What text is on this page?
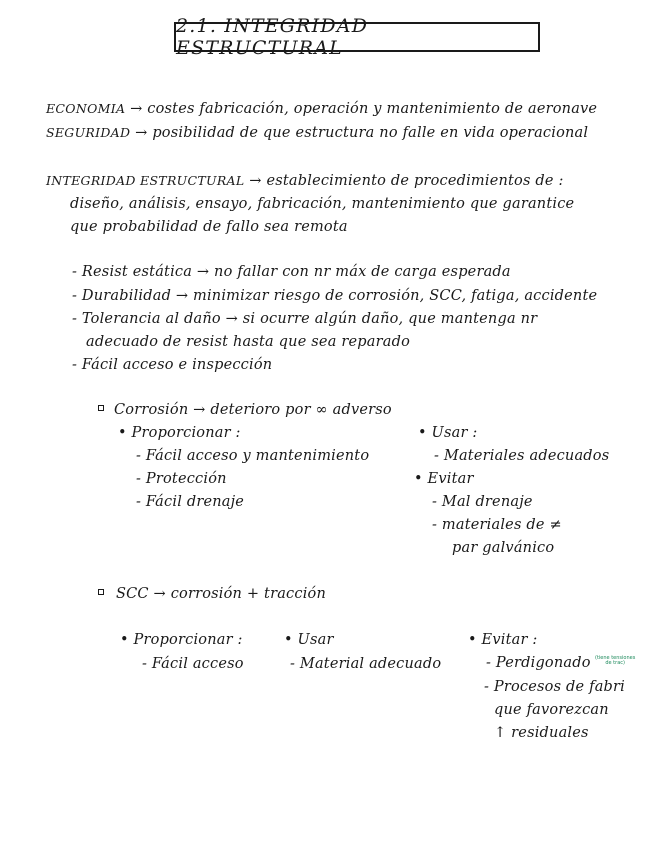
2.1. INTEGRIDAD ESTRUCTURAL
ECONOMIA → costes fabricación, operación y mantenimiento de aeronave
SEGURIDAD → posibilidad de que estructura no falle en vida operacional
INTEGRIDAD ESTRUCTURAL → establecimiento de procedimientos de :
diseño, análisis, ensayo, fabricación, mantenimiento que garantice
que probabilidad de fallo sea remota
- Resist estática → no fallar con nr máx de carga esperada
- Durabilidad → minimizar riesgo de corrosión, SCC, fatiga, accidente
- Tolerancia al daño → si ocurre algún daño, que mantenga nr
adecuado de resist hasta que sea reparado
- Fácil acceso e inspección
Corrosión → deterioro por ∞ adverso
• Proporcionar :
- Fácil acceso y mantenimiento
- Protección
- Fácil drenaje
• Usar :
- Materiales adecuados
• Evitar
- Mal drenaje
- materiales de ≠
par galvánico
SCC → corrosión + tracción
• Proporcionar :
- Fácil acceso
• Usar
- Material adecuado
• Evitar :
- Perdigonado (tiene tensiones
de trac)
- Procesos de fabri
que favorezcan
↑ residuales
